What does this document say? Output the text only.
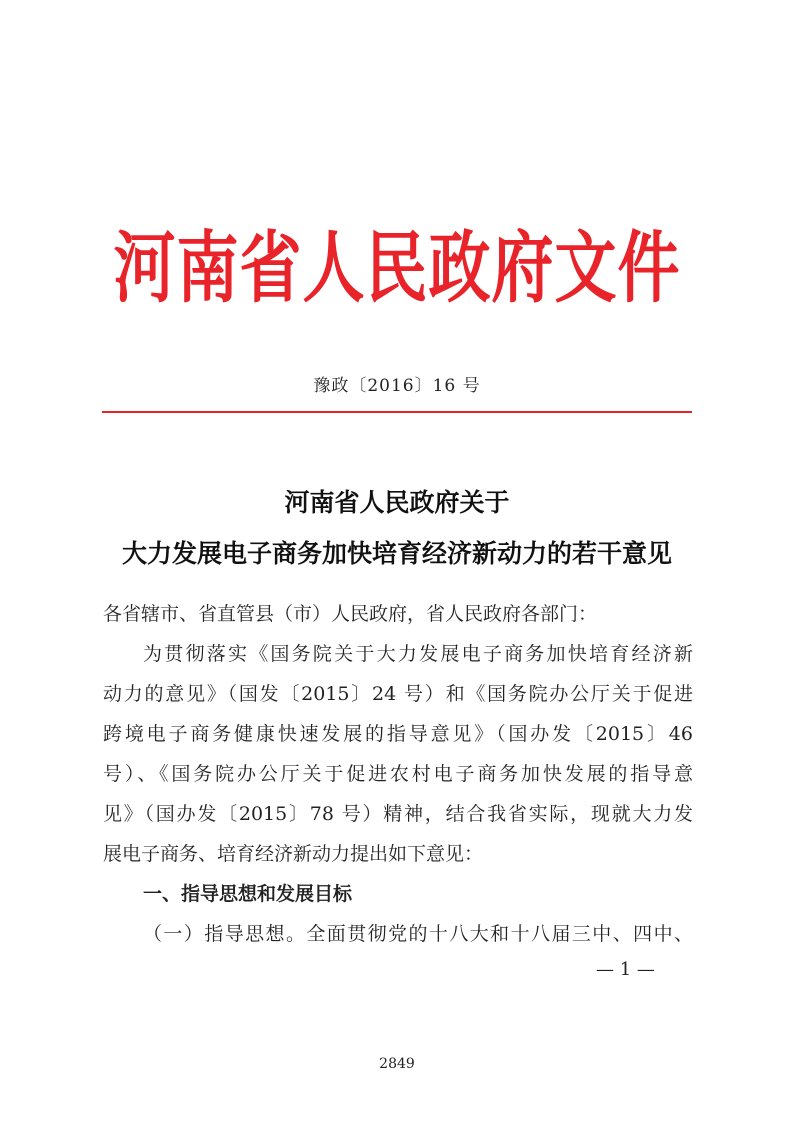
河南省人民政府文件
豫政〔2016〕16 号
河南省人民政府关于
大力发展电子商务加快培育经济新动力的若干意见
各省辖市、省直管县（市）人民政府，省人民政府各部门：
为贯彻落实《国务院关于大力发展电子商务加快培育经济新
动力的意见》（国发〔2015〕24 号）和《国务院办公厅关于促进
跨境电子商务健康快速发展的指导意见》（国办发〔2015〕46
号）、《国务院办公厅关于促进农村电子商务加快发展的指导意
见》（国办发〔2015〕78 号）精神，结合我省实际，现就大力发
展电子商务、培育经济新动力提出如下意见：
一、指导思想和发展目标
（一）指导思想。全面贯彻党的十八大和十八届三中、四中、
— 1 —
2849
